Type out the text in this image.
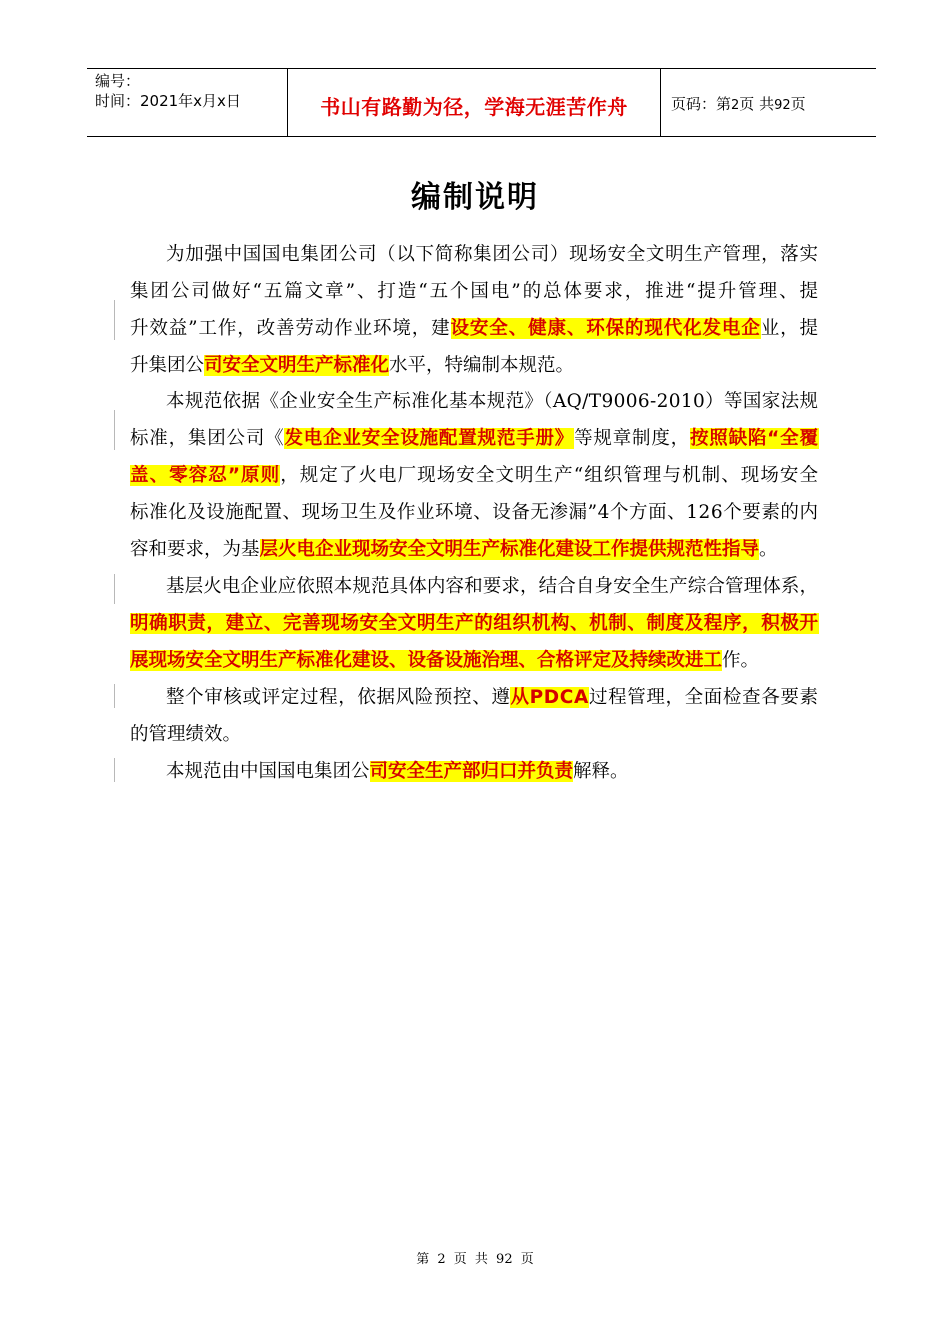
编号：
时间：2021年x月x日	书山有路勤为径，学海无涯苦作舟	页码：第2页 共92页
编制说明
为加强中国国电集团公司（以下简称集团公司）现场安全文明生产管理，落实
集团公司做好“五篇文章”、打造“五个国电”的总体要求，推进“提升管理、提
升效益”工作，改善劳动作业环境，建设安全、健康、环保的现代化发电企业，提
升集团公司安全文明生产标准化水平，特编制本规范。
本规范依据《企业安全生产标准化基本规范》（AQ/T9006-2010）等国家法规
标准，集团公司《发电企业安全设施配置规范手册》等规章制度，按照缺陷“全覆
盖、零容忍”原则，规定了火电厂现场安全文明生产“组织管理与机制、现场安全
标准化及设施配置、现场卫生及作业环境、设备无渗漏”4个方面、126个要素的内
容和要求，为基层火电企业现场安全文明生产标准化建设工作提供规范性指导。
基层火电企业应依照本规范具体内容和要求，结合自身安全生产综合管理体系，
明确职责，建立、完善现场安全文明生产的组织机构、机制、制度及程序，积极开
展现场安全文明生产标准化建设、设备设施治理、合格评定及持续改进工作。
整个审核或评定过程，依据风险预控、遵从PDCA过程管理，全面检查各要素
的管理绩效。
本规范由中国国电集团公司安全生产部归口并负责解释。
第 2 页 共 92 页
